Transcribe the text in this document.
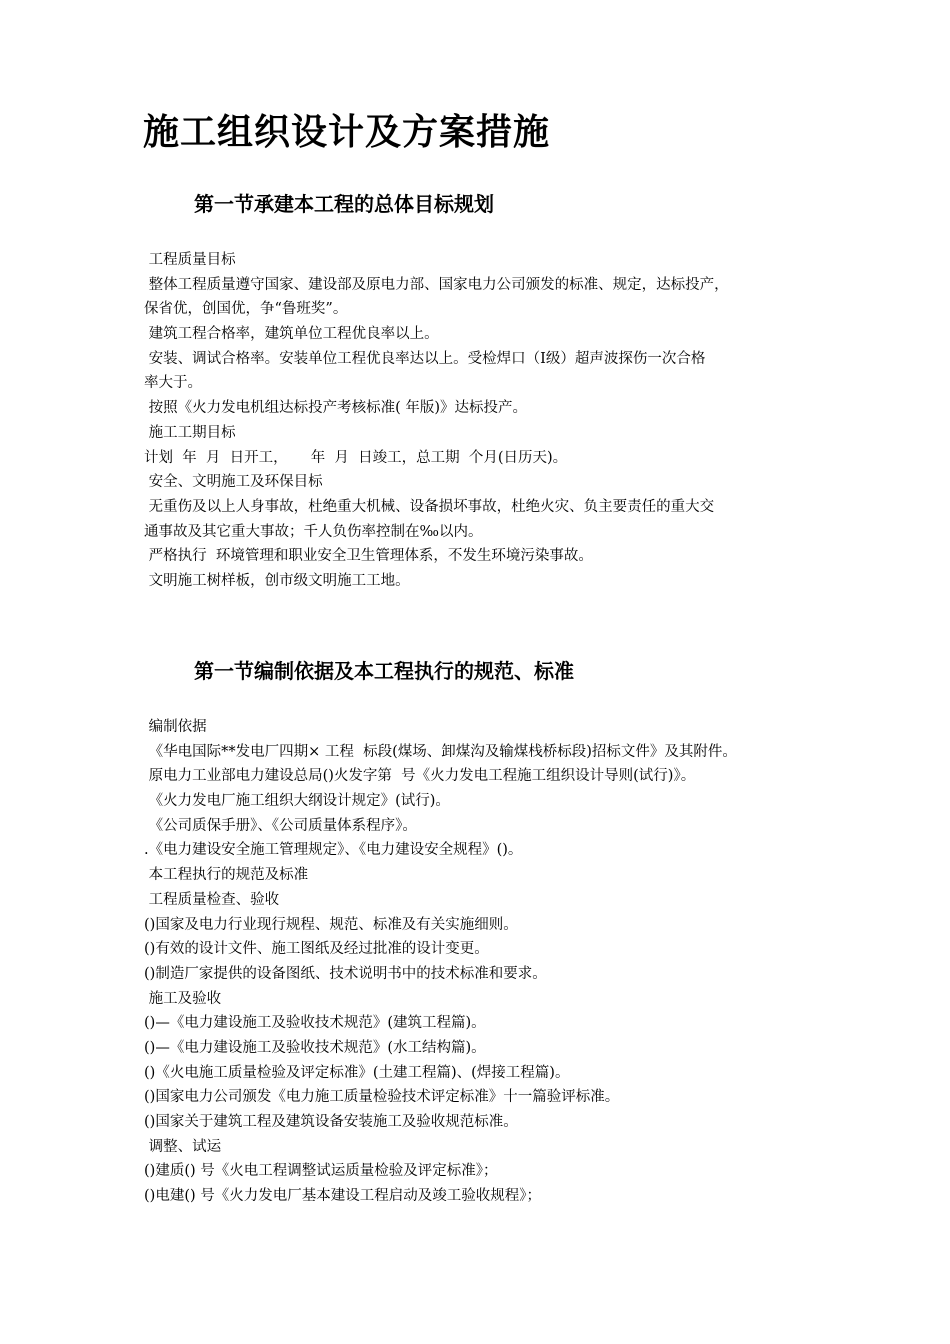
施工组织设计及方案措施
第一节承建本工程的总体目标规划
工程质量目标
整体工程质量遵守国家、建设部及原电力部、国家电力公司颁发的标准、规定，达标投产，
保省优，创国优，争“鲁班奖”。
建筑工程合格率，建筑单位工程优良率以上。
安装、调试合格率。安装单位工程优良率达以上。受检焊口（Ⅰ级）超声波探伤一次合格
率大于。
按照《火力发电机组达标投产考核标准( 年版)》达标投产。
施工工期目标
计划  年  月  日开工，     年  月  日竣工，总工期  个月(日历天)。
安全、文明施工及环保目标
无重伤及以上人身事故，杜绝重大机械、设备损坏事故，杜绝火灾、负主要责任的重大交
通事故及其它重大事故；千人负伤率控制在‰以内。
严格执行  环境管理和职业安全卫生管理体系，不发生环境污染事故。
文明施工树样板，创市级文明施工工地。
第一节编制依据及本工程执行的规范、标准
编制依据
《华电国际**发电厂四期× 工程  标段(煤场、卸煤沟及输煤栈桥标段)招标文件》及其附件。
原电力工业部电力建设总局()火发字第  号《火力发电工程施工组织设计导则(试行)》。
《火力发电厂施工组织大纲设计规定》(试行)。
《公司质保手册》、《公司质量体系程序》。
.《电力建设安全施工管理规定》、《电力建设安全规程》()。
本工程执行的规范及标准
工程质量检查、验收
()国家及电力行业现行规程、规范、标准及有关实施细则。
()有效的设计文件、施工图纸及经过批准的设计变更。
()制造厂家提供的设备图纸、技术说明书中的技术标准和要求。
施工及验收
()—《电力建设施工及验收技术规范》(建筑工程篇)。
()—《电力建设施工及验收技术规范》(水工结构篇)。
()《火电施工质量检验及评定标准》(土建工程篇)、(焊接工程篇)。
()国家电力公司颁发《电力施工质量检验技术评定标准》十一篇验评标准。
()国家关于建筑工程及建筑设备安装施工及验收规范标准。
调整、试运
()建质() 号《火电工程调整试运质量检验及评定标准》；
()电建() 号《火力发电厂基本建设工程启动及竣工验收规程》；
